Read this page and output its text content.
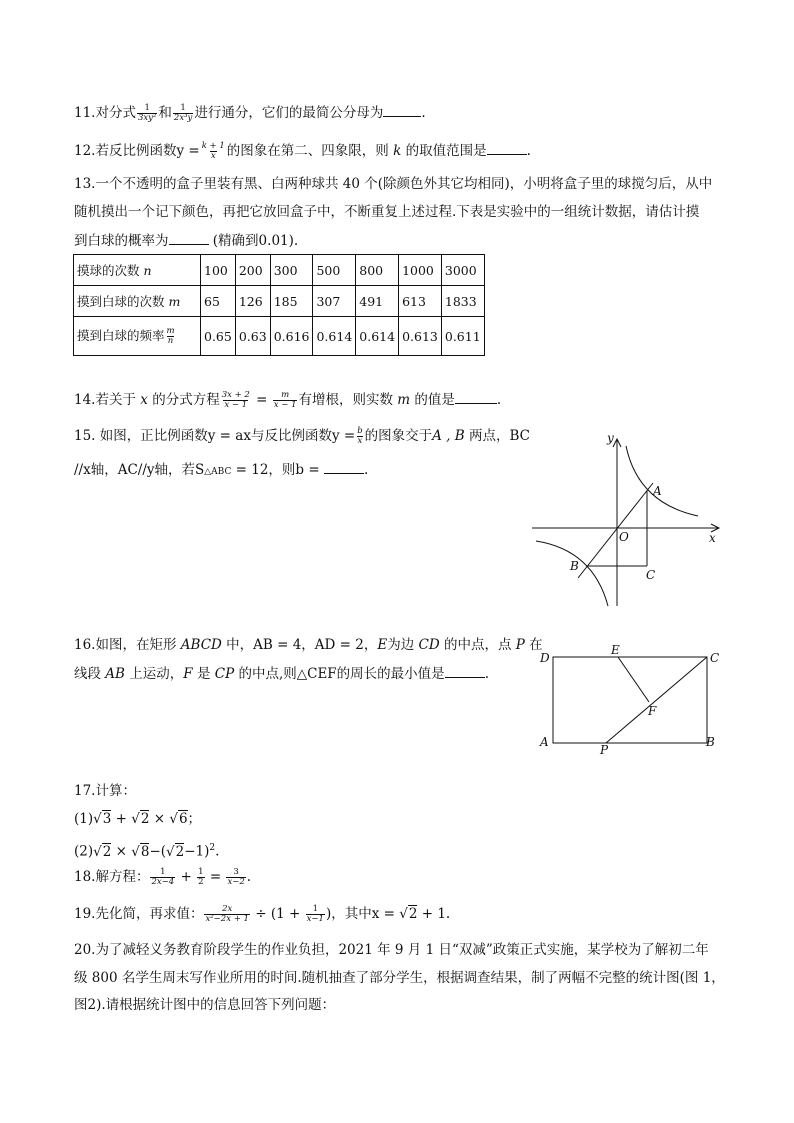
11.对分式 $\frac{1}{\text{3xy²}}$ 和 $\frac{1}{\text{2x³y}}$ 进行通分，它们的最简公分母为	.
12.若反比例函数$y = \frac{k + 1}{x}$ 的图象在第二、四象限，则 k 的取值范围是	.
13.一个不透明的盒子里装有黑、白两种球共 40 个(除颜色外其它均相同)，小明将盒子里的球搅匀后，从中
随机摸出一个记下颜色，再把它放回盒子中，不断重复上述过程.下表是实验中的一组统计数据，请估计摸
到白球的概率为	(精确到0.01).
摸球的次数 n	100	200	300	500	800	1000	3000
摸到白球的次数 m	65	126	185	307	491	613	1833
摸到白球的频率 $\frac{m}{n}$	0.65	0.63	0.616	0.614	0.614	0.613	0.611
14.若关于 x 的分式方程 $\frac{3x + 2}{x - 1} = \frac{m}{x - 1}$ 有增根，则实数 m 的值是	.
15. 如图，正比例函数y = ax与反比例函数$y = \frac{b}{x}$ 的图象交于A , B 两点，BC
//x轴，AC//y轴，若S△ABC = 12，则b =	.
y
x
O
A
B
C
16.如图，在矩形 ABCD 中，AB = 4，AD = 2，E为边 CD 的中点，点 P 在
线段 AB 上运动，F 是 CP 的中点,则△CEF的周长的最小值是	.
D
E
C
F
A
P
B
17.计算：
(1)√3 + √2 × √6；
$(2)√2 \times √8-(√2-1)^2$.
18.解方程： $\frac{1}{2x-4} + \frac{1}{2} = \frac{3}{x-2}$ .
19.先化简，再求值： $\frac{2x}{\text{x²−2x + 1}} \div (1 + \frac{1}{x-1}$ )，其中x = √2 + 1.
20.为了减轻义务教育阶段学生的作业负担，2021 年 9 月 1 日“双减”政策正式实施，某学校为了解初二年
级 800 名学生周末写作业所用的时间.随机抽查了部分学生，根据调查结果，制了两幅不完整的统计图(图 1，
图2).请根据统计图中的信息回答下列问题：
